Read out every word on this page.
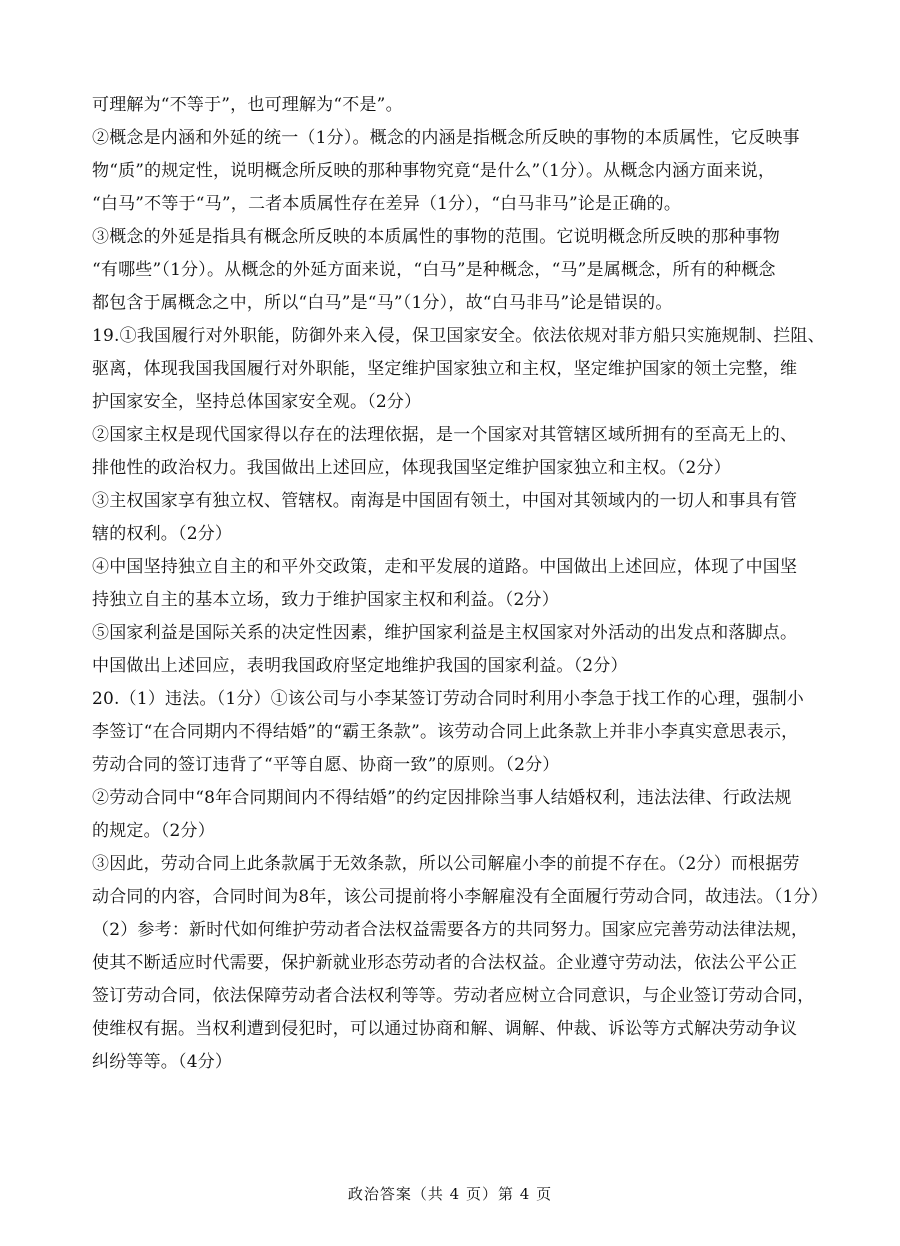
可理解为“不等于”，也可理解为“不是”。
②概念是内涵和外延的统一（1分）。概念的内涵是指概念所反映的事物的本质属性，它反映事
物“质”的规定性，说明概念所反映的那种事物究竟“是什么”（1分）。从概念内涵方面来说，
“白马”不等于“马”，二者本质属性存在差异（1分），“白马非马”论是正确的。
③概念的外延是指具有概念所反映的本质属性的事物的范围。它说明概念所反映的那种事物
“有哪些”（1分）。从概念的外延方面来说，“白马”是种概念，“马”是属概念，所有的种概念
都包含于属概念之中，所以“白马”是“马”（1分），故“白马非马”论是错误的。
19.①我国履行对外职能，防御外来入侵，保卫国家安全。依法依规对菲方船只实施规制、拦阻、
驱离，体现我国我国履行对外职能，坚定维护国家独立和主权，坚定维护国家的领土完整，维
护国家安全，坚持总体国家安全观。（2分）
②国家主权是现代国家得以存在的法理依据，是一个国家对其管辖区域所拥有的至高无上的、
排他性的政治权力。我国做出上述回应，体现我国坚定维护国家独立和主权。（2分）
③主权国家享有独立权、管辖权。南海是中国固有领土，中国对其领域内的一切人和事具有管
辖的权利。（2分）
④中国坚持独立自主的和平外交政策，走和平发展的道路。中国做出上述回应，体现了中国坚
持独立自主的基本立场，致力于维护国家主权和利益。（2分）
⑤国家利益是国际关系的决定性因素，维护国家利益是主权国家对外活动的出发点和落脚点。
中国做出上述回应，表明我国政府坚定地维护我国的国家利益。（2分）
20.（1）违法。（1分）①该公司与小李某签订劳动合同时利用小李急于找工作的心理，强制小
李签订“在合同期内不得结婚”的“霸王条款”。该劳动合同上此条款上并非小李真实意思表示，
劳动合同的签订违背了“平等自愿、协商一致”的原则。（2分）
②劳动合同中“8年合同期间内不得结婚”的约定因排除当事人结婚权利，违法法律、行政法规
的规定。（2分）
③因此，劳动合同上此条款属于无效条款，所以公司解雇小李的前提不存在。（2分）而根据劳
动合同的内容，合同时间为8年，该公司提前将小李解雇没有全面履行劳动合同，故违法。（1分）
（2）参考：新时代如何维护劳动者合法权益需要各方的共同努力。国家应完善劳动法律法规，
使其不断适应时代需要，保护新就业形态劳动者的合法权益。企业遵守劳动法，依法公平公正
签订劳动合同，依法保障劳动者合法权利等等。劳动者应树立合同意识，与企业签订劳动合同，
使维权有据。当权利遭到侵犯时，可以通过协商和解、调解、仲裁、诉讼等方式解决劳动争议
纠纷等等。（4分）
政治答案（共 4 页）第 4 页
